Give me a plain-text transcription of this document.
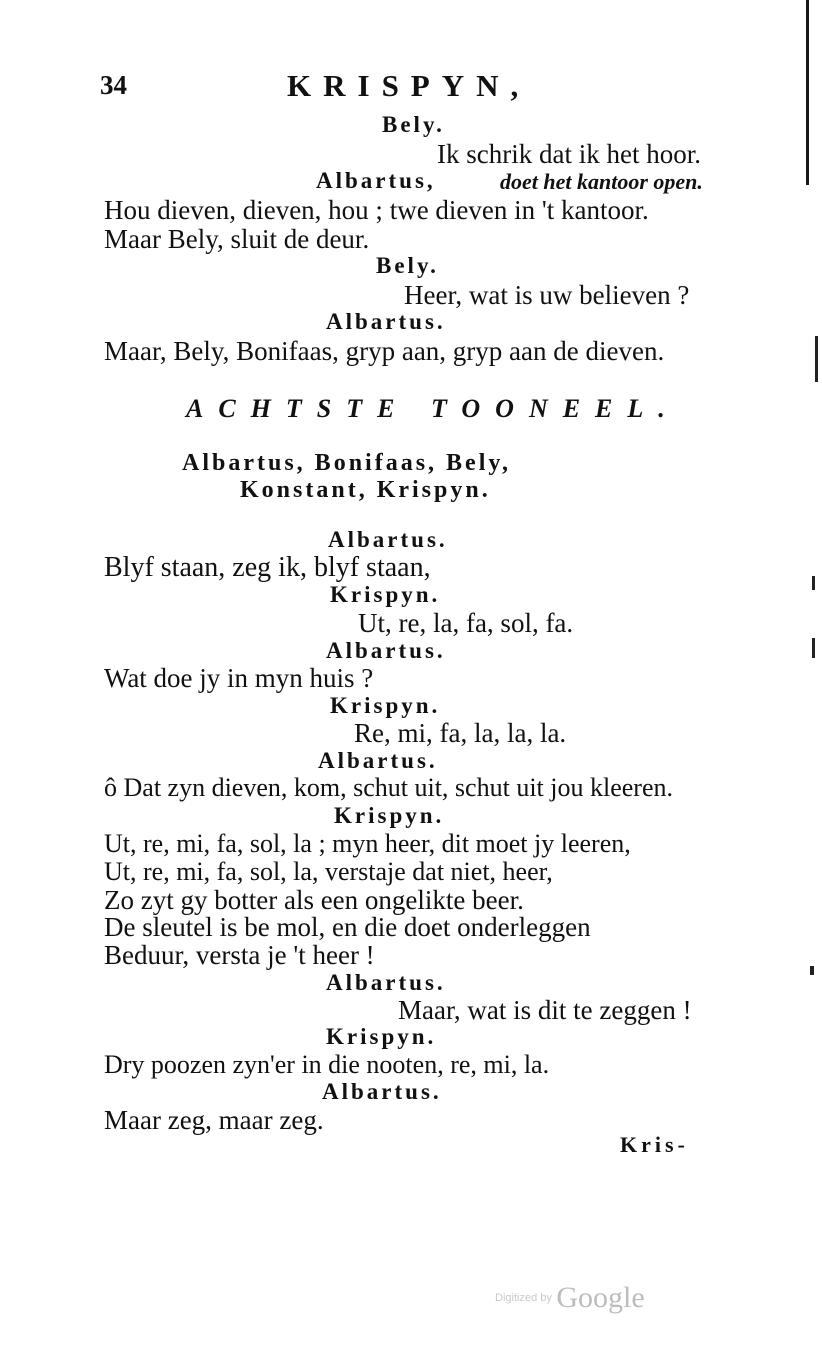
34	KRISPYN,
Bely.
Ik schrik dat ik het hoor.
Albartus,	doet het kantoor open.
Hou dieven, dieven, hou ; twe dieven in 't kantoor.
Maar Bely, sluit de deur.
Bely.
Heer, wat is uw believen ?
Albartus.
Maar, Bely, Bonifaas, gryp aan, gryp aan de dieven.
ACHTSTE TOONEEL.
Albartus, Bonifaas, Bely,
Konstant, Krispyn.
Albartus.
Blyf staan, zeg ik, blyf staan,
Krispyn.
Ut, re, la, fa, sol, fa.
Albartus.
Wat doe jy in myn huis ?
Krispyn.
Re, mi, fa, la, la, la.
Albartus.
ô Dat zyn dieven, kom, schut uit, schut uit jou kleeren.
Krispyn.
Ut, re, mi, fa, sol, la ; myn heer, dit moet jy leeren,
Ut, re, mi, fa, sol, la, verstaje dat niet, heer,
Zo zyt gy botter als een ongelikte beer.
De sleutel is be mol, en die doet onderleggen
Beduur, versta je 't heer !
Albartus.
Maar, wat is dit te zeggen !
Krispyn.
Dry poozen zyn'er in die nooten, re, mi, la.
Albartus.
Maar zeg, maar zeg.
Kris-
Digitized by Google
